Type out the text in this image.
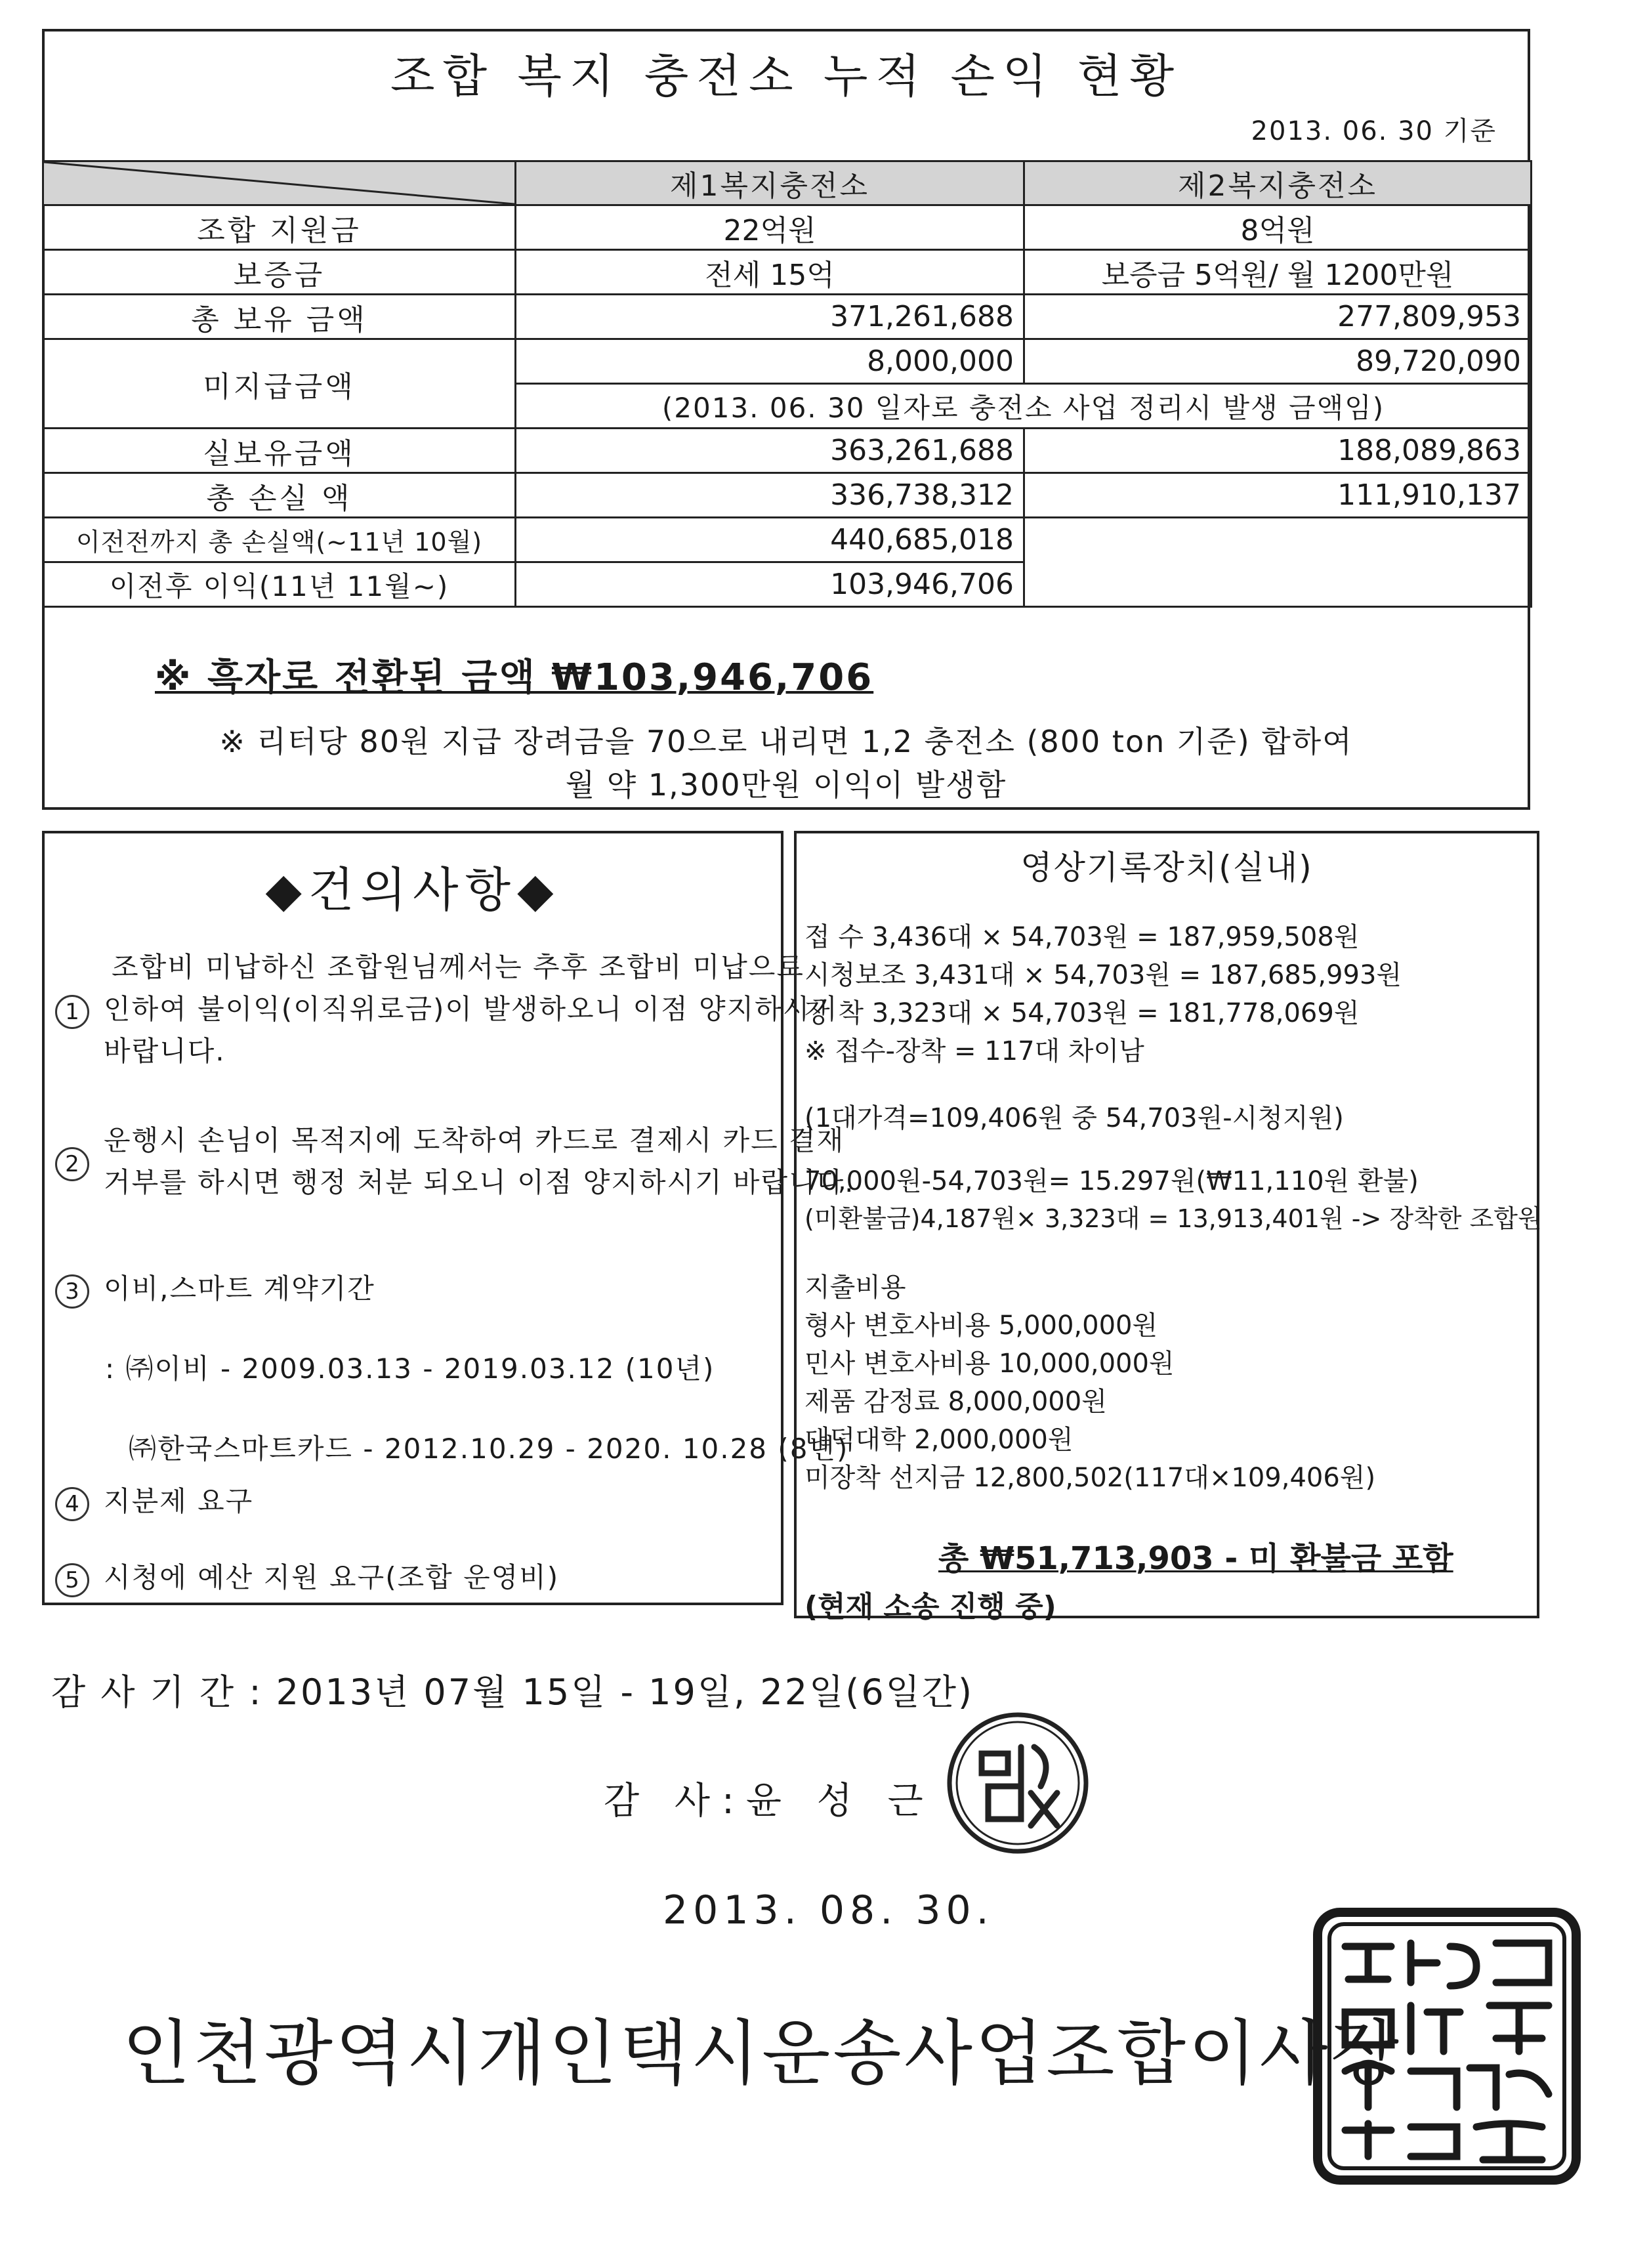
조합 복지 충전소 누적 손익 현황
2013. 06. 30 기준
	제1복지충전소	제2복지충전소
조합 지원금	22억원	8억원
보증금	전세 15억	보증금 5억원/ 월 1200만원
총 보유 금액	371,261,688	277,809,953
미지급금액	8,000,000	89,720,090
	(2013. 06. 30 일자로 충전소 사업 정리시 발생 금액임)	
실보유금액	363,261,688	188,089,863
총 손실 액	336,738,312	111,910,137
이전전까지 총 손실액(~11년 10월)	440,685,018	
이전후 이익(11년 11월~)	103,946,706	
※ 흑자로 전환된 금액 ₩103,946,706
※ 리터당 80원 지급 장려금을 70으로 내리면 1,2 충전소 (800 ton 기준) 합하여
월 약 1,300만원 이익이 발생함
◆건의사항◆
조합비 미납하신 조합원님께서는 추후 조합비 미납으로
1 인하여 불이익(이직위로금)이 발생하오니 이점 양지하시기
바랍니다.
2
운행시 손님이 목적지에 도착하여 카드로 결제시 카드 결재
거부를 하시면 행정 처분 되오니 이점 양지하시기 바랍니다.
3 이비,스마트 계약기간
: ㈜이비 - 2009.03.13 - 2019.03.12 (10년)
㈜한국스마트카드 - 2012.10.29 - 2020. 10.28 (8년)
4 지분제 요구
5 시청에 예산 지원 요구(조합 운영비)
영상기록장치(실내)
접 수 3,436대 × 54,703원 = 187,959,508원
시청보조 3,431대 × 54,703원 = 187,685,993원
장 착 3,323대 × 54,703원 = 181,778,069원
※ 접수-장착 = 117대 차이남
(1대가격=109,406원 중 54,703원-시청지원)
70,000원-54,703원= 15.297원(₩11,110원 환불)
(미환불금)4,187원× 3,323대 = 13,913,401원 -> 장착한 조합원
지출비용
형사 변호사비용 5,000,000원
민사 변호사비용 10,000,000원
제품 감정료 8,000,000원
대덕대학 2,000,000원
미장착 선지금 12,800,502(117대×109,406원)
총 ₩51,713,903 - 미 환불금 포함
(현재 소송 진행 중)
감 사 기 간 : 2013년 07월 15일 - 19일, 22일(6일간)
감 사:윤 성 근
2013. 08. 30.
인천광역시개인택시운송사업조합이사장
